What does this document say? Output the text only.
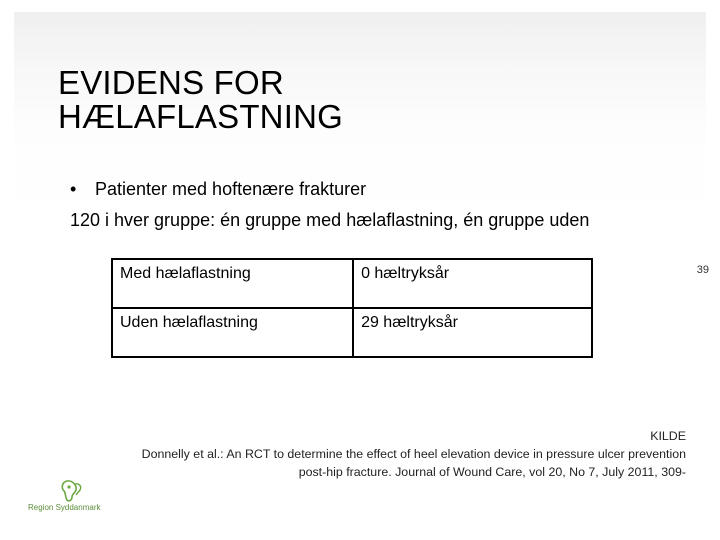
EVIDENS FOR
HÆLAFLASTNING
• Patienter med hoftenære frakturer
120 i hver gruppe: én gruppe med hælaflastning, én gruppe uden
Med hælaflastning	0 hæltryksår
Uden hælaflastning	29 hæltryksår
39
KILDE
Donnelly et al.: An RCT to determine the effect of heel elevation device in pressure ulcer prevention
post-hip fracture. Journal of Wound Care, vol 20, No 7, July 2011, 309-
Region Syddanmark
